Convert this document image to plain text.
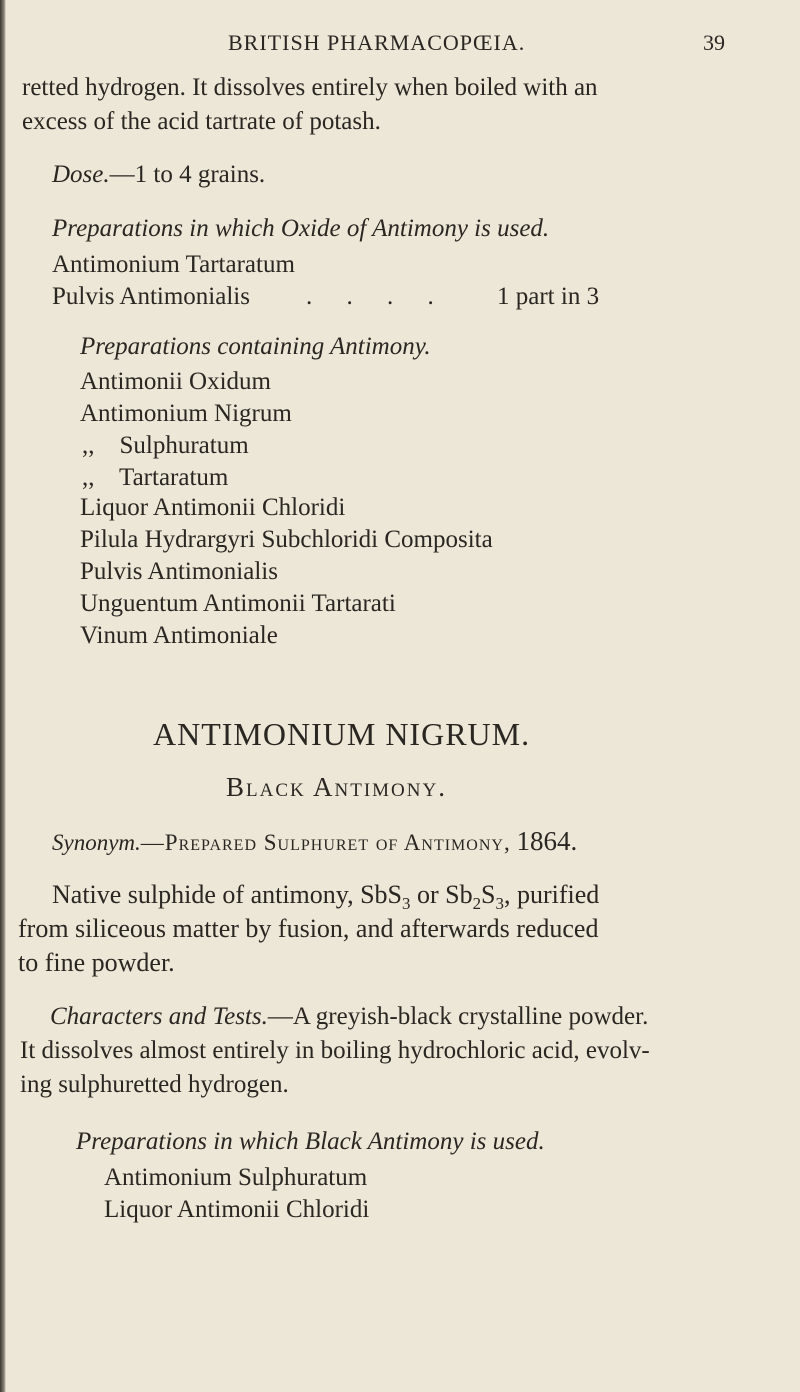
BRITISH PHARMACOPŒIA.	39
retted hydrogen. It dissolves entirely when boiled with an
excess of the acid tartrate of potash.
Dose.—1 to 4 grains.
Preparations in which Oxide of Antimony is used.
Antimonium Tartaratum
Pulvis Antimonialis . . . . 1 part in 3
Preparations containing Antimony.
Antimonii Oxidum
Antimonium Nigrum
,,    Sulphuratum
,,    Tartaratum
Liquor Antimonii Chloridi
Pilula Hydrargyri Subchloridi Composita
Pulvis Antimonialis
Unguentum Antimonii Tartarati
Vinum Antimoniale
ANTIMONIUM NIGRUM.
Black Antimony.
Synonym.—Prepared Sulphuret of Antimony, 1864.
Native sulphide of antimony, SbS$_3$ or $Sb_2S_3$, purified
from siliceous matter by fusion, and afterwards reduced
to fine powder.
Characters and Tests.—A greyish-black crystalline powder.
It dissolves almost entirely in boiling hydrochloric acid, evolv-
ing sulphuretted hydrogen.
Preparations in which Black Antimony is used.
Antimonium Sulphuratum
Liquor Antimonii Chloridi
